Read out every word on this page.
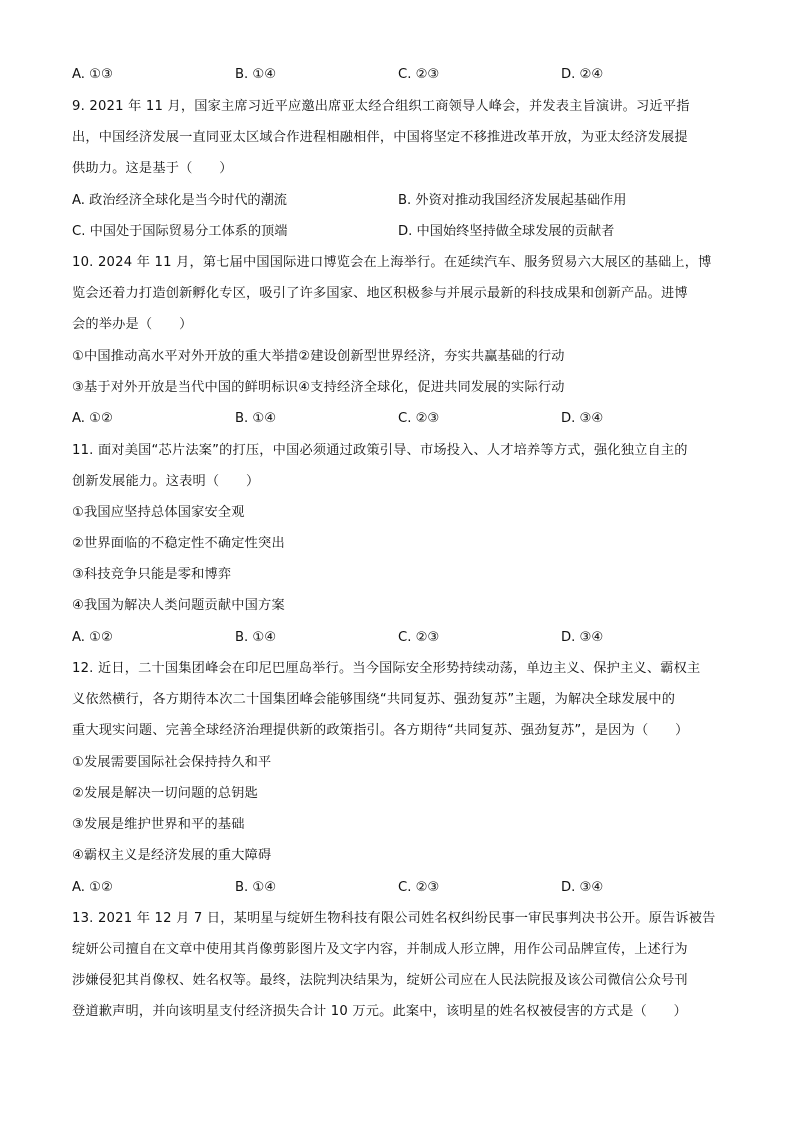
A. ①③	B. ①④	C. ②③	D. ②④
9. 2021 年 11 月，国家主席习近平应邀出席亚太经合组织工商领导人峰会，并发表主旨演讲。习近平指
出，中国经济发展一直同亚太区域合作进程相融相伴，中国将坚定不移推进改革开放，为亚太经济发展提
供助力。这是基于（　　）
A. 政治经济全球化是当今时代的潮流	B. 外资对推动我国经济发展起基础作用
C. 中国处于国际贸易分工体系的顶端	D. 中国始终坚持做全球发展的贡献者
10. 2024 年 11 月，第七届中国国际进口博览会在上海举行。在延续汽车、服务贸易六大展区的基础上，博
览会还着力打造创新孵化专区，吸引了许多国家、地区积极参与并展示最新的科技成果和创新产品。进博
会的举办是（　　）
①中国推动高水平对外开放的重大举措②建设创新型世界经济，夯实共赢基础的行动
③基于对外开放是当代中国的鲜明标识④支持经济全球化，促进共同发展的实际行动
A. ①②	B. ①④	C. ②③	D. ③④
11. 面对美国“芯片法案”的打压，中国必须通过政策引导、市场投入、人才培养等方式，强化独立自主的
创新发展能力。这表明（　　）
①我国应坚持总体国家安全观
②世界面临的不稳定性不确定性突出
③科技竞争只能是零和博弈
④我国为解决人类问题贡献中国方案
A. ①②	B. ①④	C. ②③	D. ③④
12. 近日，二十国集团峰会在印尼巴厘岛举行。当今国际安全形势持续动荡，单边主义、保护主义、霸权主
义依然横行，各方期待本次二十国集团峰会能够围绕“共同复苏、强劲复苏”主题，为解决全球发展中的
重大现实问题、完善全球经济治理提供新的政策指引。各方期待“共同复苏、强劲复苏”，是因为（　　）
①发展需要国际社会保持持久和平
②发展是解决一切问题的总钥匙
③发展是维护世界和平的基础
④霸权主义是经济发展的重大障碍
A. ①②	B. ①④	C. ②③	D. ③④
13. 2021 年 12 月 7 日，某明星与绽妍生物科技有限公司姓名权纠纷民事一审民事判决书公开。原告诉被告
绽妍公司擅自在文章中使用其肖像剪影图片及文字内容，并制成人形立牌，用作公司品牌宣传，上述行为
涉嫌侵犯其肖像权、姓名权等。最终，法院判决结果为，绽妍公司应在人民法院报及该公司微信公众号刊
登道歉声明，并向该明星支付经济损失合计 10 万元。此案中，该明星的姓名权被侵害的方式是（　　）
